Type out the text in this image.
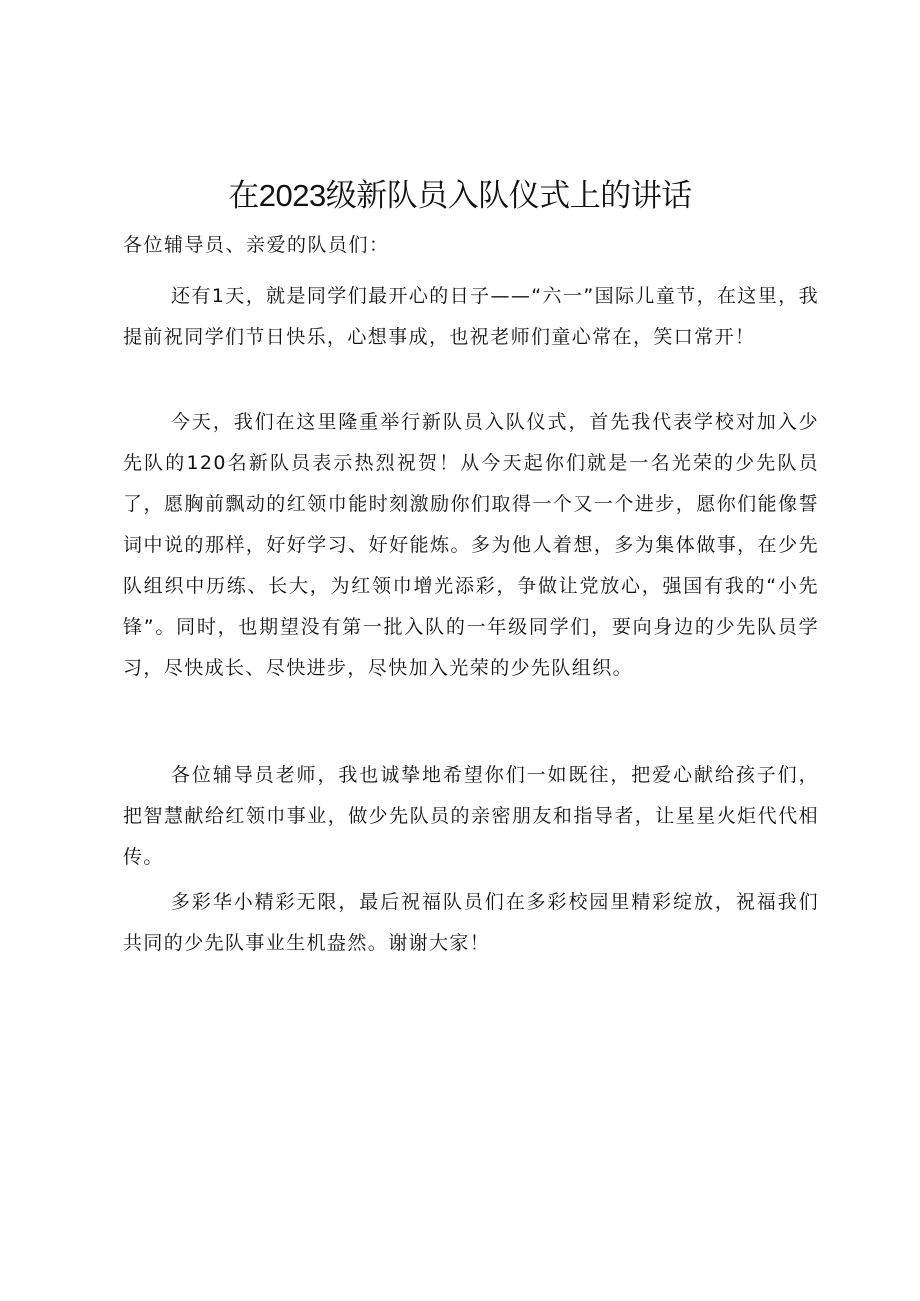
在2023级新队员入队仪式上的讲话

各位辅导员、亲爱的队员们：

还有1天，就是同学们最开心的日子——“六一”国际儿童节，在这里，我提前祝同学们节日快乐，心想事成，也祝老师们童心常在，笑口常开！

今天，我们在这里隆重举行新队员入队仪式，首先我代表学校对加入少先队的120名新队员表示热烈祝贺！从今天起你们就是一名光荣的少先队员了，愿胸前飘动的红领巾能时刻激励你们取得一个又一个进步，愿你们能像誓词中说的那样，好好学习、好好能炼。多为他人着想，多为集体做事，在少先队组织中历练、长大，为红领巾增光添彩，争做让党放心，强国有我的“小先锋”。同时，也期望没有第一批入队的一年级同学们，要向身边的少先队员学习，尽快成长、尽快进步，尽快加入光荣的少先队组织。

各位辅导员老师，我也诚挚地希望你们一如既往，把爱心献给孩子们，把智慧献给红领巾事业，做少先队员的亲密朋友和指导者，让星星火炬代代相传。

多彩华小精彩无限，最后祝福队员们在多彩校园里精彩绽放，祝福我们共同的少先队事业生机盎然。谢谢大家！
